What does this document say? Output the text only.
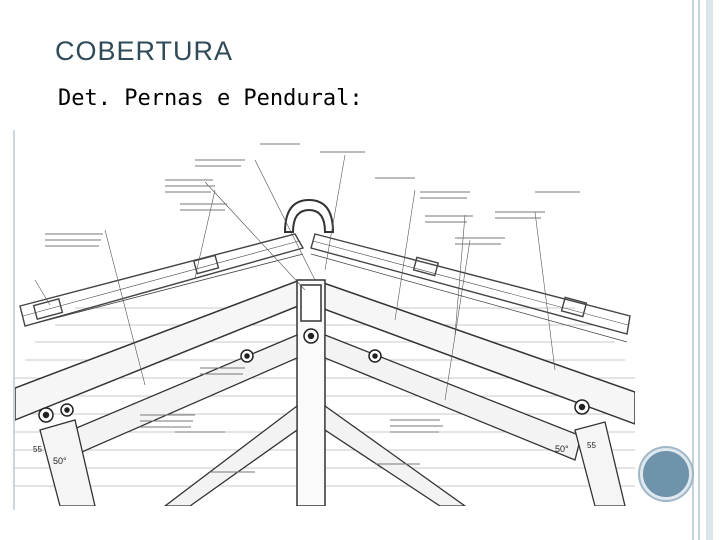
COBERTURA
Det. Pernas e Pendural:
50°
55	50° 55
